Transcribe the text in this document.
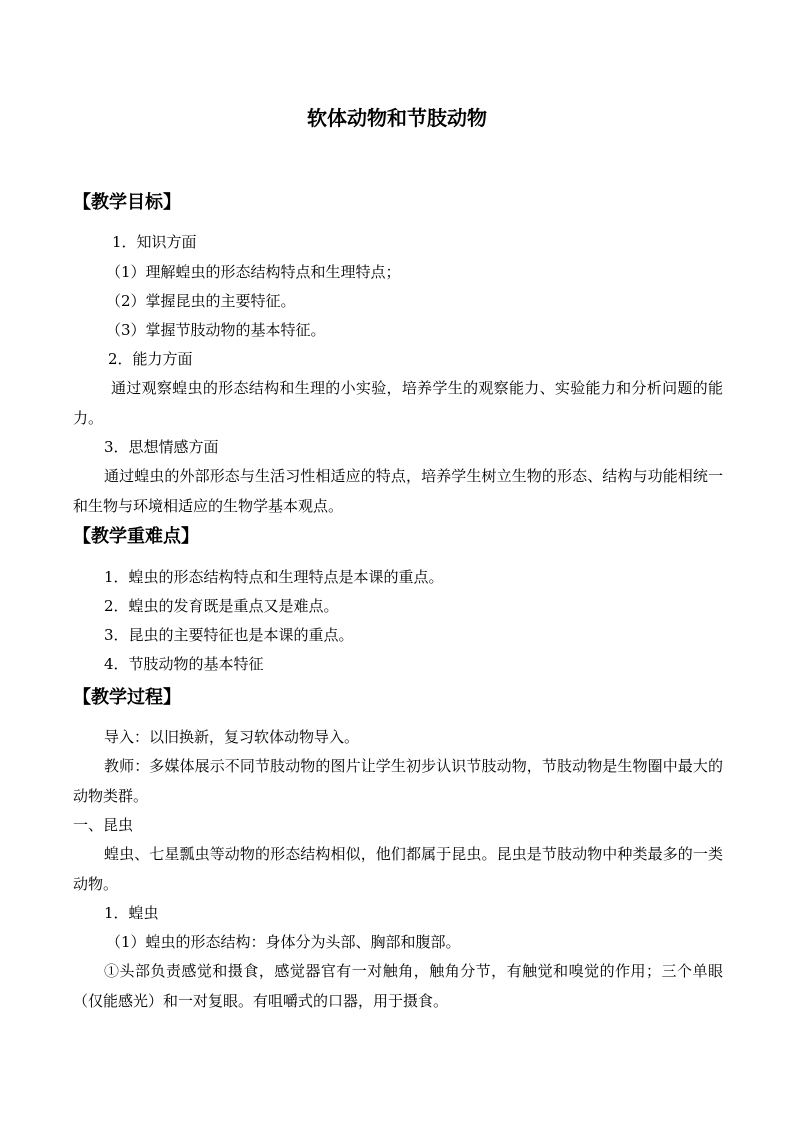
软体动物和节肢动物
【教学目标】
1．知识方面
（1）理解蝗虫的形态结构特点和生理特点；
（2）掌握昆虫的主要特征。
（3）掌握节肢动物的基本特征。
2．能力方面
通过观察蝗虫的形态结构和生理的小实验，培养学生的观察能力、实验能力和分析问题的能力。
3．思想情感方面
通过蝗虫的外部形态与生活习性相适应的特点，培养学生树立生物的形态、结构与功能相统一和生物与环境相适应的生物学基本观点。
【教学重难点】
1．蝗虫的形态结构特点和生理特点是本课的重点。
2．蝗虫的发育既是重点又是难点。
3．昆虫的主要特征也是本课的重点。
4．节肢动物的基本特征
【教学过程】
导入：以旧换新，复习软体动物导入。
教师：多媒体展示不同节肢动物的图片让学生初步认识节肢动物，节肢动物是生物圈中最大的动物类群。
一、昆虫
蝗虫、七星瓢虫等动物的形态结构相似，他们都属于昆虫。昆虫是节肢动物中种类最多的一类动物。
1．蝗虫
（1）蝗虫的形态结构：身体分为头部、胸部和腹部。
①头部负责感觉和摄食，感觉器官有一对触角，触角分节，有触觉和嗅觉的作用；三个单眼（仅能感光）和一对复眼。有咀嚼式的口器，用于摄食。
